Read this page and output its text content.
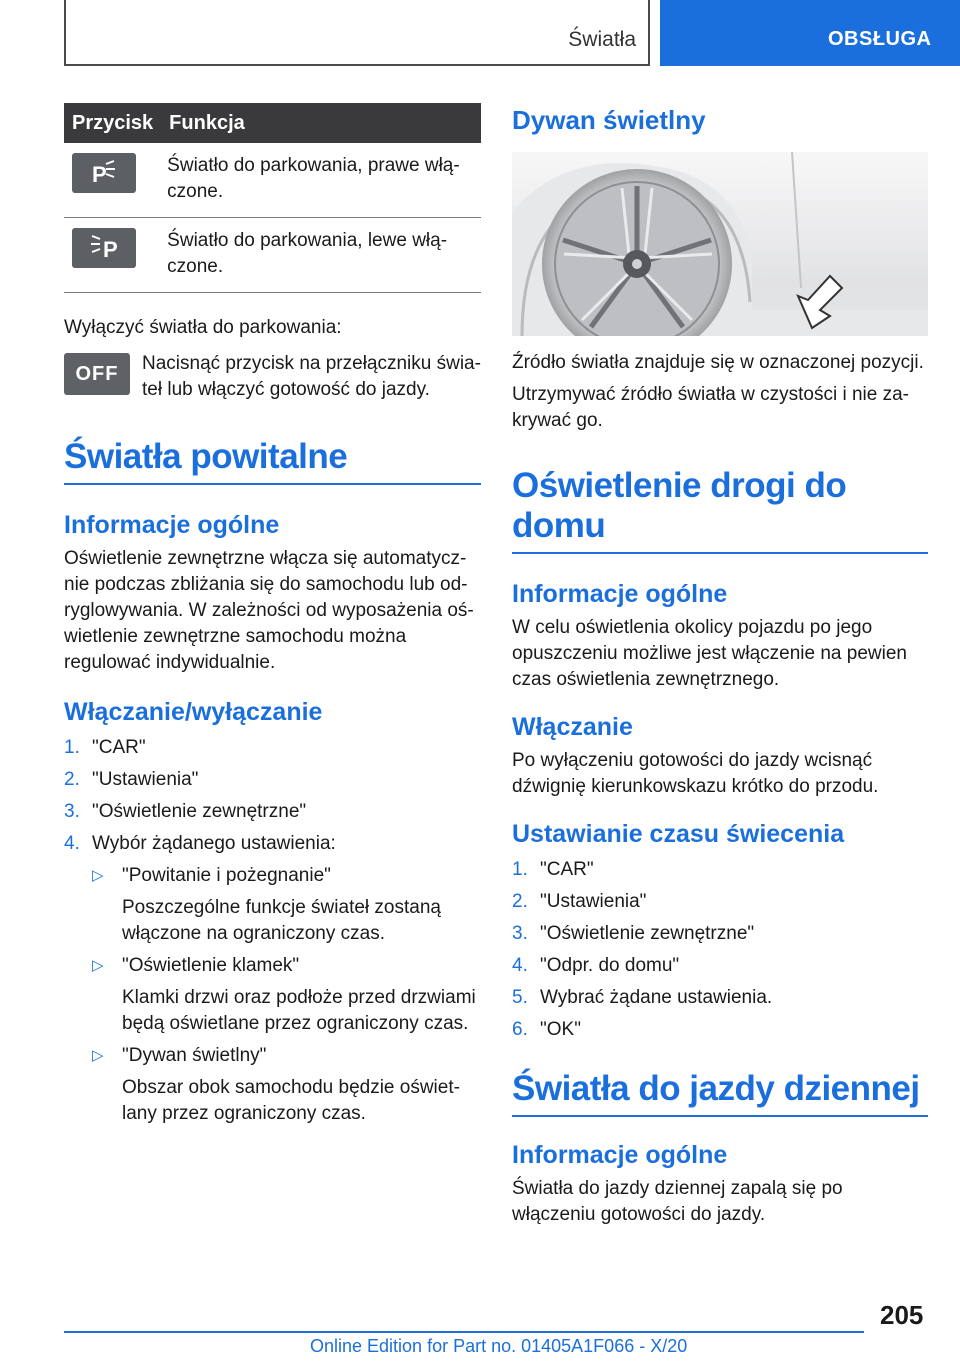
Światła	OBSŁUGA
Przycisk	Funkcja

P	Światło do parkowania, prawe włą‐czone.

P	Światło do parkowania, lewe włą‐czone.

Wyłączyć światła do parkowania:

OFF	Nacisnąć przycisk na przełączniku świa‐teł lub włączyć gotowość do jazdy.

Światła powitalne
Informacje ogólne

Oświetlenie zewnętrzne włącza się automatycz‐nie podczas zbliżania się do samochodu lub od‐ryglowywania. W zależności od wyposażenia oś‐wietlenie zewnętrzne samochodu można regulować indywidualnie.

Włączanie/wyłączanie
1. "CAR"
2. "Ustawienia"
3. "Oświetlenie zewnętrzne"
4. Wybór żądanego ustawienia:
▷ "Powitanie i pożegnanie"
Poszczególne funkcje świateł zostaną włączone na ograniczony czas.
▷ "Oświetlenie klamek"
Klamki drzwi oraz podłoże przed drzwiami będą oświetlane przez ograniczony czas.
▷ "Dywan świetlny"
Obszar obok samochodu będzie oświet‐lany przez ograniczony czas.
Dywan świetlny

Źródło światła znajduje się w oznaczonej pozycji.

Utrzymywać źródło światła w czystości i nie za‐krywać go.

Oświetlenie drogi do domu
Informacje ogólne

W celu oświetlenia okolicy pojazdu po jego opuszczeniu możliwe jest włączenie na pewien czas oświetlenia zewnętrznego.

Włączanie

Po wyłączeniu gotowości do jazdy wcisnąć dźwignię kierunkowskazu krótko do przodu.

Ustawianie czasu świecenia
1. "CAR"
2. "Ustawienia"
3. "Oświetlenie zewnętrzne"
4. "Odpr. do domu"
5. Wybrać żądane ustawienia.
6. "OK"
Światła do jazdy dziennej
Informacje ogólne

Światła do jazdy dziennej zapalą się po włączeniu gotowości do jazdy.

205
Online Edition for Part no. 01405A1F066 - X/20
